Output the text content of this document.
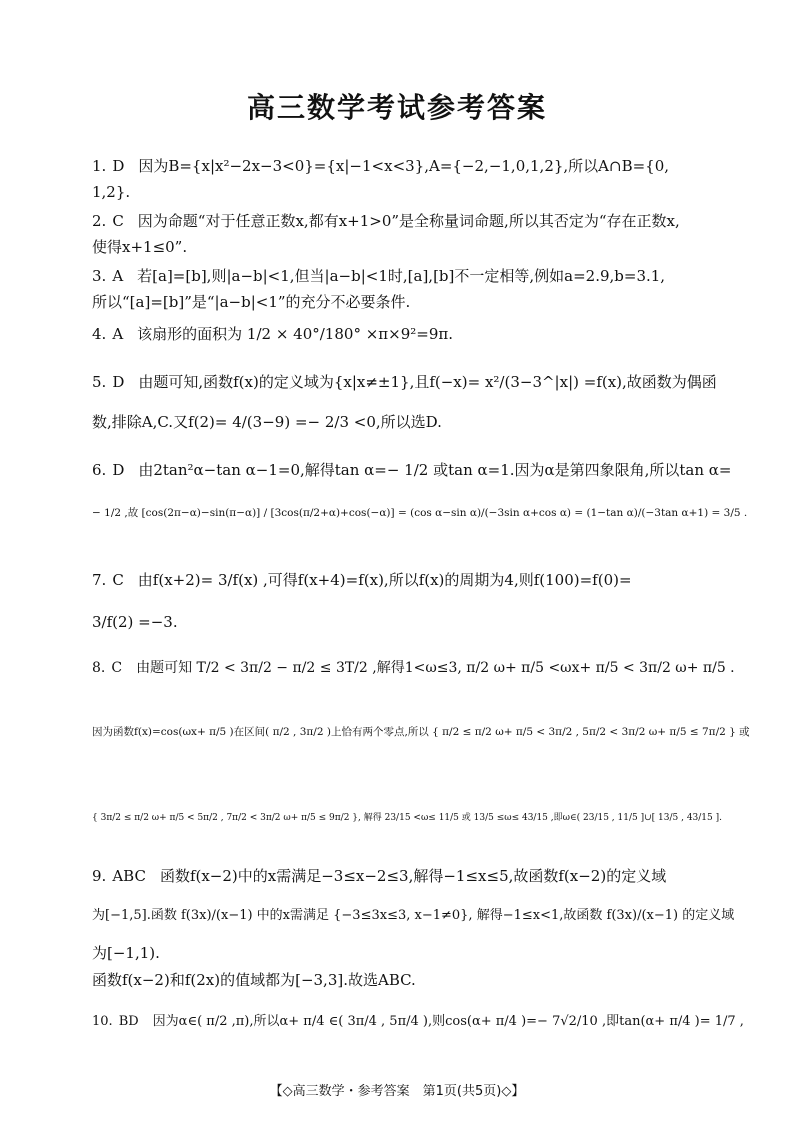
高三数学考试参考答案
1. D 因为B={x|x²−2x−3<0}={x|−1<x<3},A={−2,−1,0,1,2},所以A∩B={0,
1,2}.
2. C 因为命题“对于任意正数x,都有x+1>0”是全称量词命题,所以其否定为“存在正数x,
使得x+1≤0”.
3. A 若[a]=[b],则|a−b|<1,但当|a−b|<1时,[a],[b]不一定相等,例如a=2.9,b=3.1,
所以“[a]=[b]”是“|a−b|<1”的充分不必要条件.
4. A 该扇形的面积为 1/2 × 40°/180° ×π×9²=9π.
5. D 由题可知,函数f(x)的定义域为{x|x≠±1},且f(−x)= x²/(3−3^|x|) =f(x),故函数为偶函
数,排除A,C.又f(2)= 4/(3−9) =− 2/3 <0,所以选D.
6. D 由2tan²α−tan α−1=0,解得tan α=− 1/2 或tan α=1.因为α是第四象限角,所以tan α=
− 1/2 ,故 [cos(2π−α)−sin(π−α)] / [3cos(π/2+α)+cos(−α)] = (cos α−sin α)/(−3sin α+cos α) = (1−tan α)/(−3tan α+1) = 3/5 .
7. C 由f(x+2)= 3/f(x) ,可得f(x+4)=f(x),所以f(x)的周期为4,则f(100)=f(0)=
3/f(2) =−3.
8. C 由题可知 T/2 < 3π/2 − π/2 ≤ 3T/2 ,解得1<ω≤3, π/2 ω+ π/5 <ωx+ π/5 < 3π/2 ω+ π/5 .
因为函数f(x)=cos(ωx+ π/5 )在区间( π/2 , 3π/2 )上恰有两个零点,所以 { π/2 ≤ π/2 ω+ π/5 < 3π/2 , 5π/2 < 3π/2 ω+ π/5 ≤ 7π/2 } 或
{ 3π/2 ≤ π/2 ω+ π/5 < 5π/2 , 7π/2 < 3π/2 ω+ π/5 ≤ 9π/2 }, 解得 23/15 <ω≤ 11/5 或 13/5 ≤ω≤ 43/15 ,即ω∈( 23/15 , 11/5 ]∪[ 13/5 , 43/15 ].
9. ABC 函数f(x−2)中的x需满足−3≤x−2≤3,解得−1≤x≤5,故函数f(x−2)的定义域
为[−1,5].函数 f(3x)/(x−1) 中的x需满足 {−3≤3x≤3, x−1≠0}, 解得−1≤x<1,故函数 f(3x)/(x−1) 的定义域
为[−1,1).
函数f(x−2)和f(2x)的值域都为[−3,3].故选ABC.
10. BD 因为α∈( π/2 ,π),所以α+ π/4 ∈( 3π/4 , 5π/4 ),则cos(α+ π/4 )=− 7√2/10 ,即tan(α+ π/4 )= 1/7 ,
【◇高三数学・参考答案　第1页(共5页)◇】
